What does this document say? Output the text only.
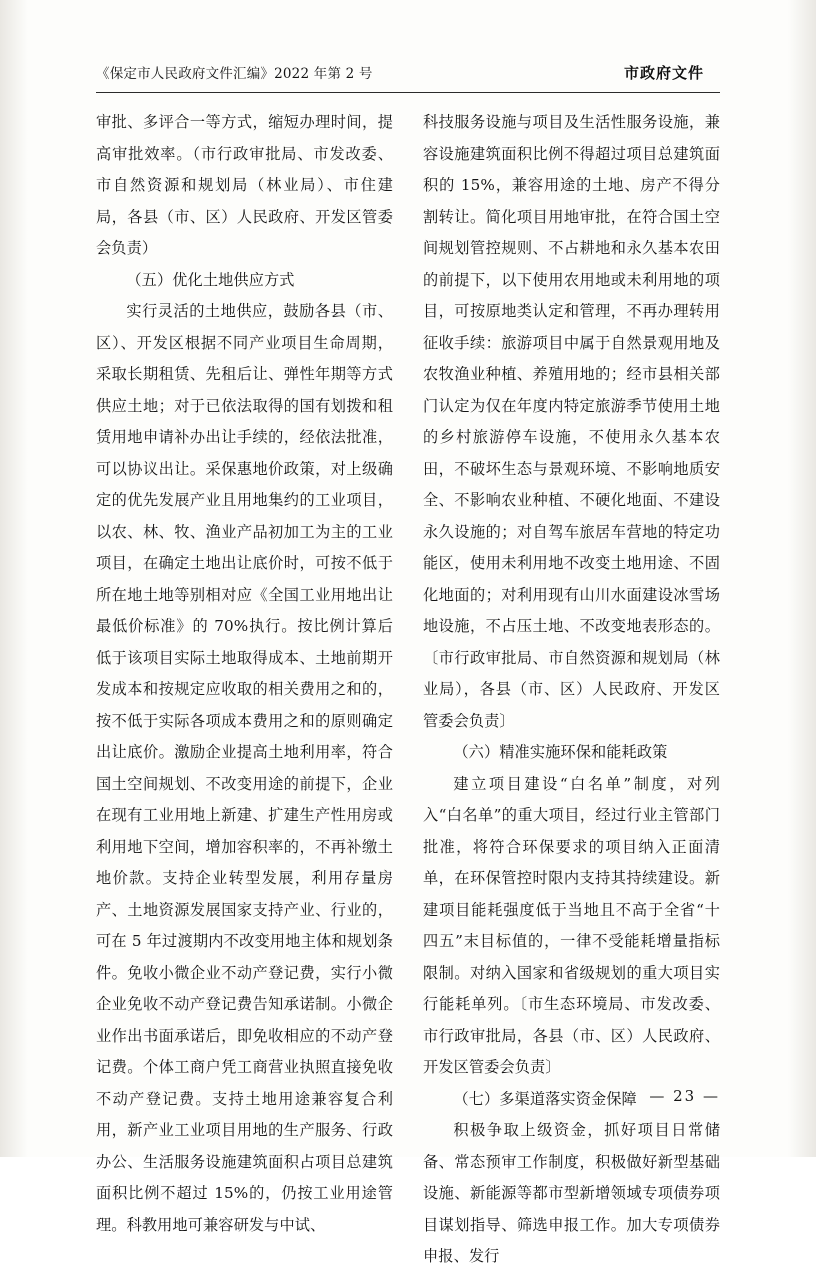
《保定市人民政府文件汇编》2022 年第 2 号	市政府文件

审批、多评合一等方式，缩短办理时间，提高审批效率。（市行政审批局、市发改委、市自然资源和规划局（林业局）、市住建局，各县（市、区）人民政府、开发区管委会负责）

（五）优化土地供应方式

实行灵活的土地供应，鼓励各县（市、区）、开发区根据不同产业项目生命周期，采取长期租赁、先租后让、弹性年期等方式供应土地；对于已依法取得的国有划拨和租赁用地申请补办出让手续的，经依法批准，可以协议出让。采保惠地价政策，对上级确定的优先发展产业且用地集约的工业项目，以农、林、牧、渔业产品初加工为主的工业项目，在确定土地出让底价时，可按不低于所在地土地等别相对应《全国工业用地出让最低价标准》的 70%执行。按比例计算后低于该项目实际土地取得成本、土地前期开发成本和按规定应收取的相关费用之和的，按不低于实际各项成本费用之和的原则确定出让底价。激励企业提高土地利用率，符合国土空间规划、不改变用途的前提下，企业在现有工业用地上新建、扩建生产性用房或利用地下空间，增加容积率的，不再补缴土地价款。支持企业转型发展，利用存量房产、土地资源发展国家支持产业、行业的，可在 5 年过渡期内不改变用地主体和规划条件。免收小微企业不动产登记费，实行小微企业免收不动产登记费告知承诺制。小微企业作出书面承诺后，即免收相应的不动产登记费。个体工商户凭工商营业执照直接免收不动产登记费。支持土地用途兼容复合利用，新产业工业项目用地的生产服务、行政办公、生活服务设施建筑面积占项目总建筑面积比例不超过 15%的，仍按工业用途管理。科教用地可兼容研发与中试、

科技服务设施与项目及生活性服务设施，兼容设施建筑面积比例不得超过项目总建筑面积的 15%，兼容用途的土地、房产不得分割转让。简化项目用地审批，在符合国土空间规划管控规则、不占耕地和永久基本农田的前提下，以下使用农用地或未利用地的项目，可按原地类认定和管理，不再办理转用征收手续：旅游项目中属于自然景观用地及农牧渔业种植、养殖用地的；经市县相关部门认定为仅在年度内特定旅游季节使用土地的乡村旅游停车设施，不使用永久基本农田，不破坏生态与景观环境、不影响地质安全、不影响农业种植、不硬化地面、不建设永久设施的；对自驾车旅居车营地的特定功能区，使用未利用地不改变土地用途、不固化地面的；对利用现有山川水面建设冰雪场地设施，不占压土地、不改变地表形态的。〔市行政审批局、市自然资源和规划局（林业局），各县（市、区）人民政府、开发区管委会负责〕

（六）精准实施环保和能耗政策

建立项目建设“白名单”制度，对列入“白名单”的重大项目，经过行业主管部门批准，将符合环保要求的项目纳入正面清单，在环保管控时限内支持其持续建设。新建项目能耗强度低于当地且不高于全省“十四五”末目标值的，一律不受能耗增量指标限制。对纳入国家和省级规划的重大项目实行能耗单列。〔市生态环境局、市发改委、市行政审批局，各县（市、区）人民政府、开发区管委会负责〕

（七）多渠道落实资金保障

积极争取上级资金，抓好项目日常储备、常态预审工作制度，积极做好新型基础设施、新能源等都市型新增领域专项债券项目谋划指导、筛选申报工作。加大专项债券申报、发行

— 23 —
